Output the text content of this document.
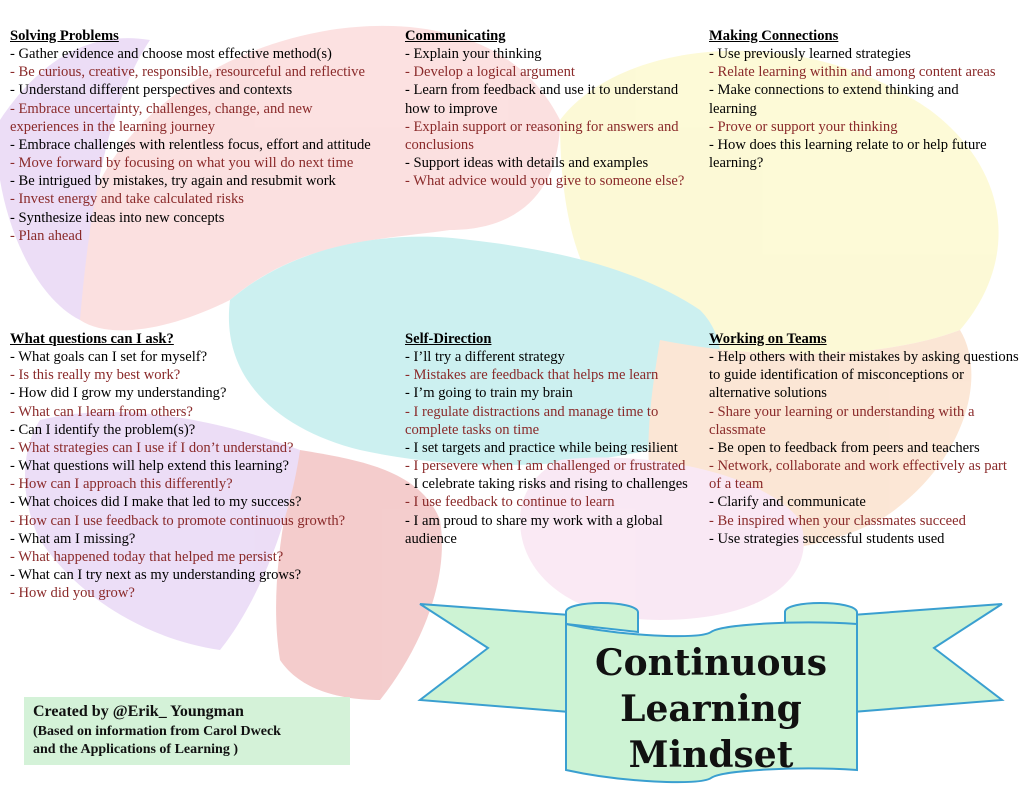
Solving Problems
- Gather evidence and choose most effective method(s)
- Be curious, creative, responsible, resourceful and reflective
- Understand different perspectives and contexts
- Embrace uncertainty, challenges, change, and new experiences in the learning journey
- Embrace challenges with relentless focus, effort and attitude
- Move forward by focusing on what you will do next time
- Be intrigued by mistakes, try again and resubmit work
- Invest energy and take calculated risks
- Synthesize ideas into new concepts
- Plan ahead
Communicating
- Explain your thinking
- Develop a logical argument
- Learn from feedback and use it to understand how to improve
- Explain support or reasoning for answers and conclusions
- Support ideas with details and examples
- What advice would you give to someone else?
Making Connections
- Use previously learned strategies
- Relate learning within and among content areas
- Make connections to extend thinking and learning
- Prove or support your thinking
- How does this learning relate to or help future learning?
What questions can I ask?
- What goals can I set for myself?
- Is this really my best work?
- How did I grow my understanding?
- What can I learn from others?
- Can I identify the problem(s)?
- What strategies can I use if I don’t understand?
- What questions will help extend this learning?
- How can I approach this differently?
- What choices did I make that led to my success?
- How can I use feedback to promote continuous growth?
- What am I missing?
- What happened today that helped me persist?
- What can I try next as my understanding grows?
- How did you grow?
Self-Direction
- I’ll try a different strategy
- Mistakes are feedback that helps me learn
- I’m going to train my brain
- I regulate distractions and manage time to complete tasks on time
- I set targets and practice while being resilient
- I persevere when I am challenged or frustrated
- I celebrate taking risks and rising to challenges
- I use feedback to continue to learn
- I am proud to share my work with a global audience
Working on Teams
- Help others with their mistakes by asking questions to guide identification of misconceptions or alternative solutions
- Share your learning or understanding with a classmate
- Be open to feedback from peers and teachers
- Network, collaborate and work effectively as part of a team
- Clarify and communicate
- Be inspired when your classmates succeed
- Use strategies successful students used
Continuous
Learning
Mindset
Created by @Erik_ Youngman
(Based on information from Carol Dweck
and the Applications of Learning )
